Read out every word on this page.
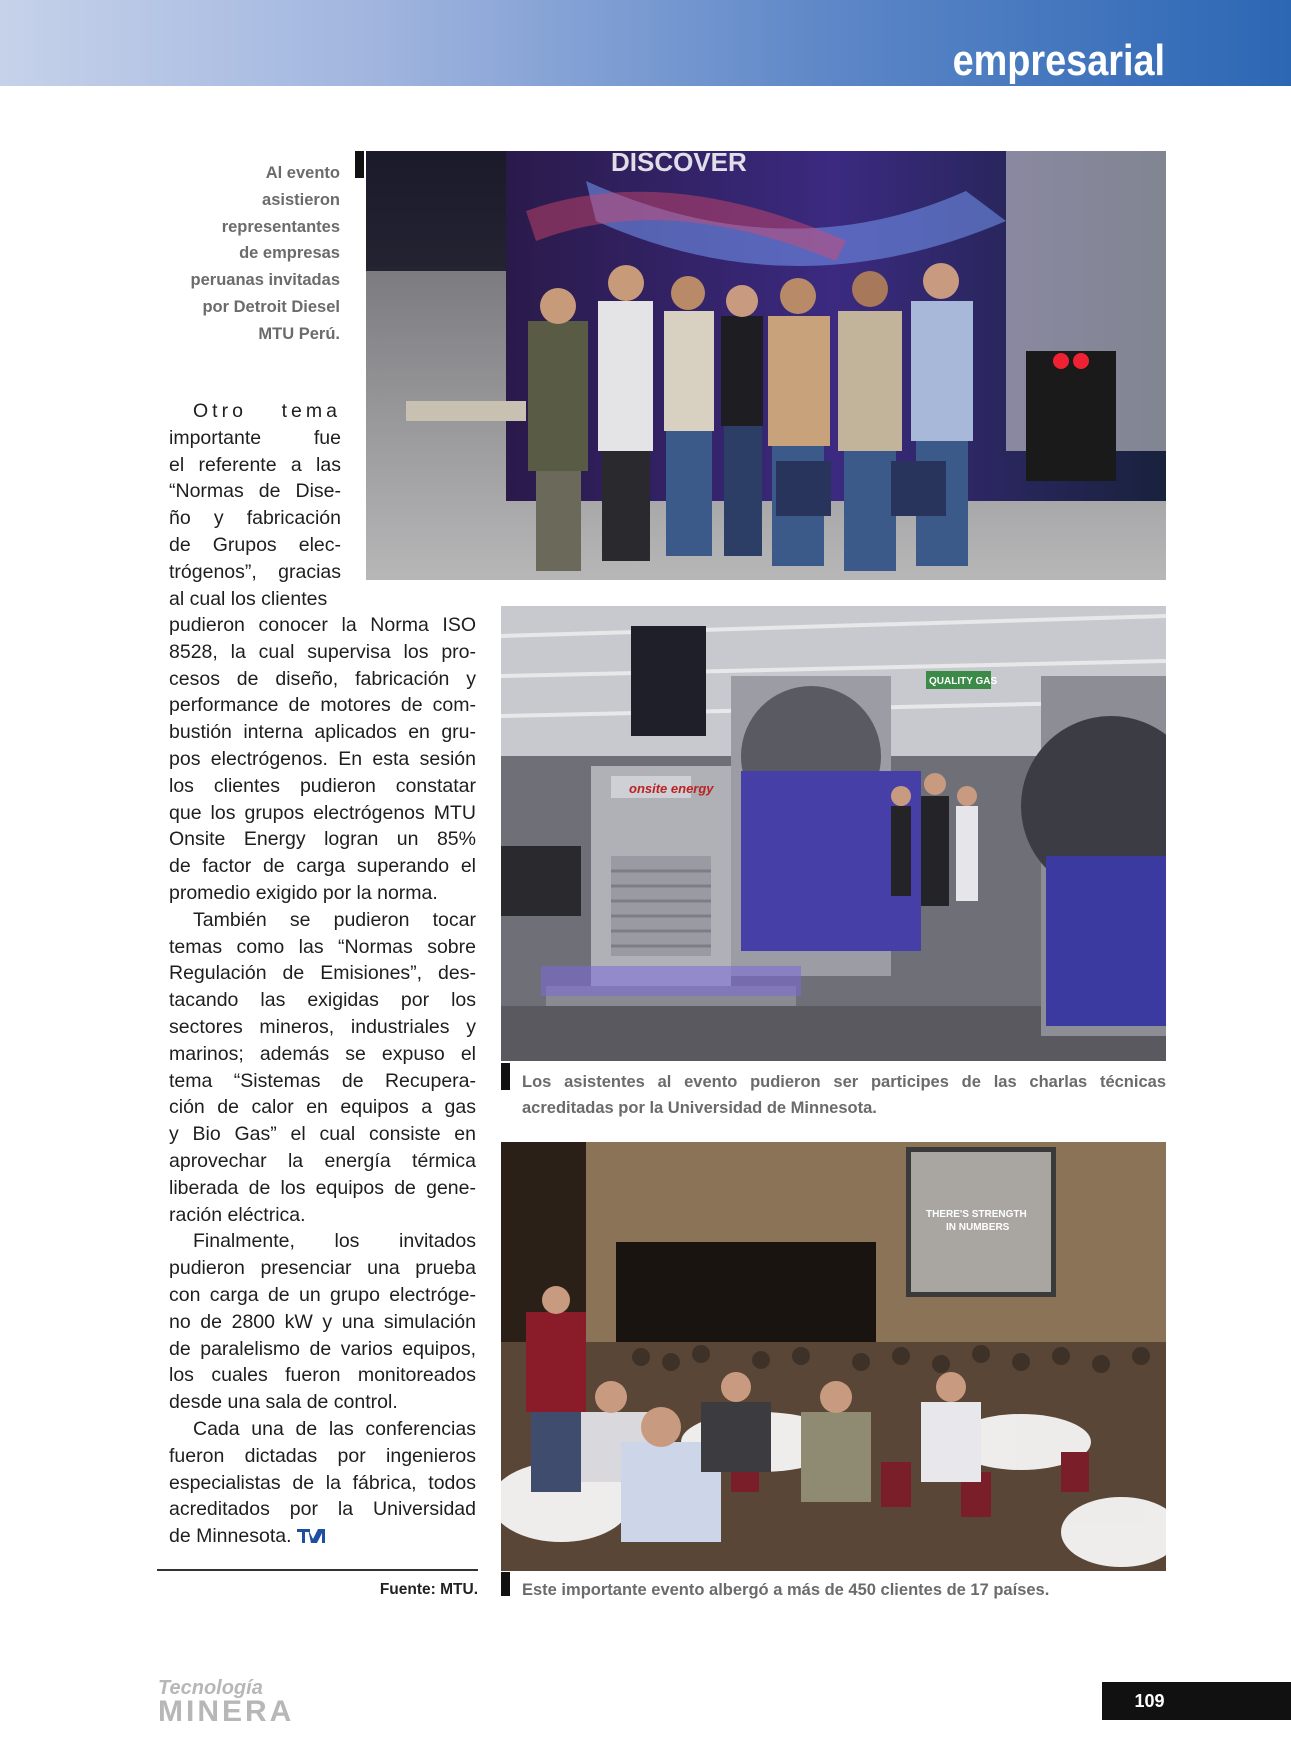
empresarial
DISCOVER
Al evento
asistieron
representantes
de empresas
peruanas invitadas
por Detroit Diesel
MTU Perú.
Otro tema
importante fue
el referente a las
“Normas de Dise-
ño y fabricación
de Grupos elec-
trógenos”, gracias
al cual los clientes
pudieron conocer la Norma ISO
8528, la cual supervisa los pro-
cesos de diseño, fabricación y
performance de motores de com-
bustión interna aplicados en gru-
pos electrógenos. En esta sesión
los clientes pudieron constatar
que los grupos electrógenos MTU
Onsite Energy logran un 85%
de factor de carga superando el
promedio exigido por la norma.
También se pudieron tocar
temas como las “Normas sobre
Regulación de Emisiones”, des-
tacando las exigidas por los
sectores mineros, industriales y
marinos; además se expuso el
tema “Sistemas de Recupera-
ción de calor en equipos a gas
y Bio Gas” el cual consiste en
aprovechar la energía térmica
liberada de los equipos de gene-
ración eléctrica.
Finalmente, los invitados
pudieron presenciar una prueba
con carga de un grupo electróge-
no de 2800 kW y una simulación
de paralelismo de varios equipos,
los cuales fueron monitoreados
desde una sala de control.
Cada una de las conferencias
fueron dictadas por ingenieros
especialistas de la fábrica, todos
acreditados por la Universidad
de Minnesota.
QUALITY GAS
onsite energy
Los asistentes al evento pudieron ser participes de las charlas técnicas acreditadas por la Universidad de Minnesota.
THERE'S STRENGTH
IN NUMBERS
Este importante evento albergó a más de 450 clientes de 17 países.
Fuente: MTU.
Tecnología
MINERA	109
